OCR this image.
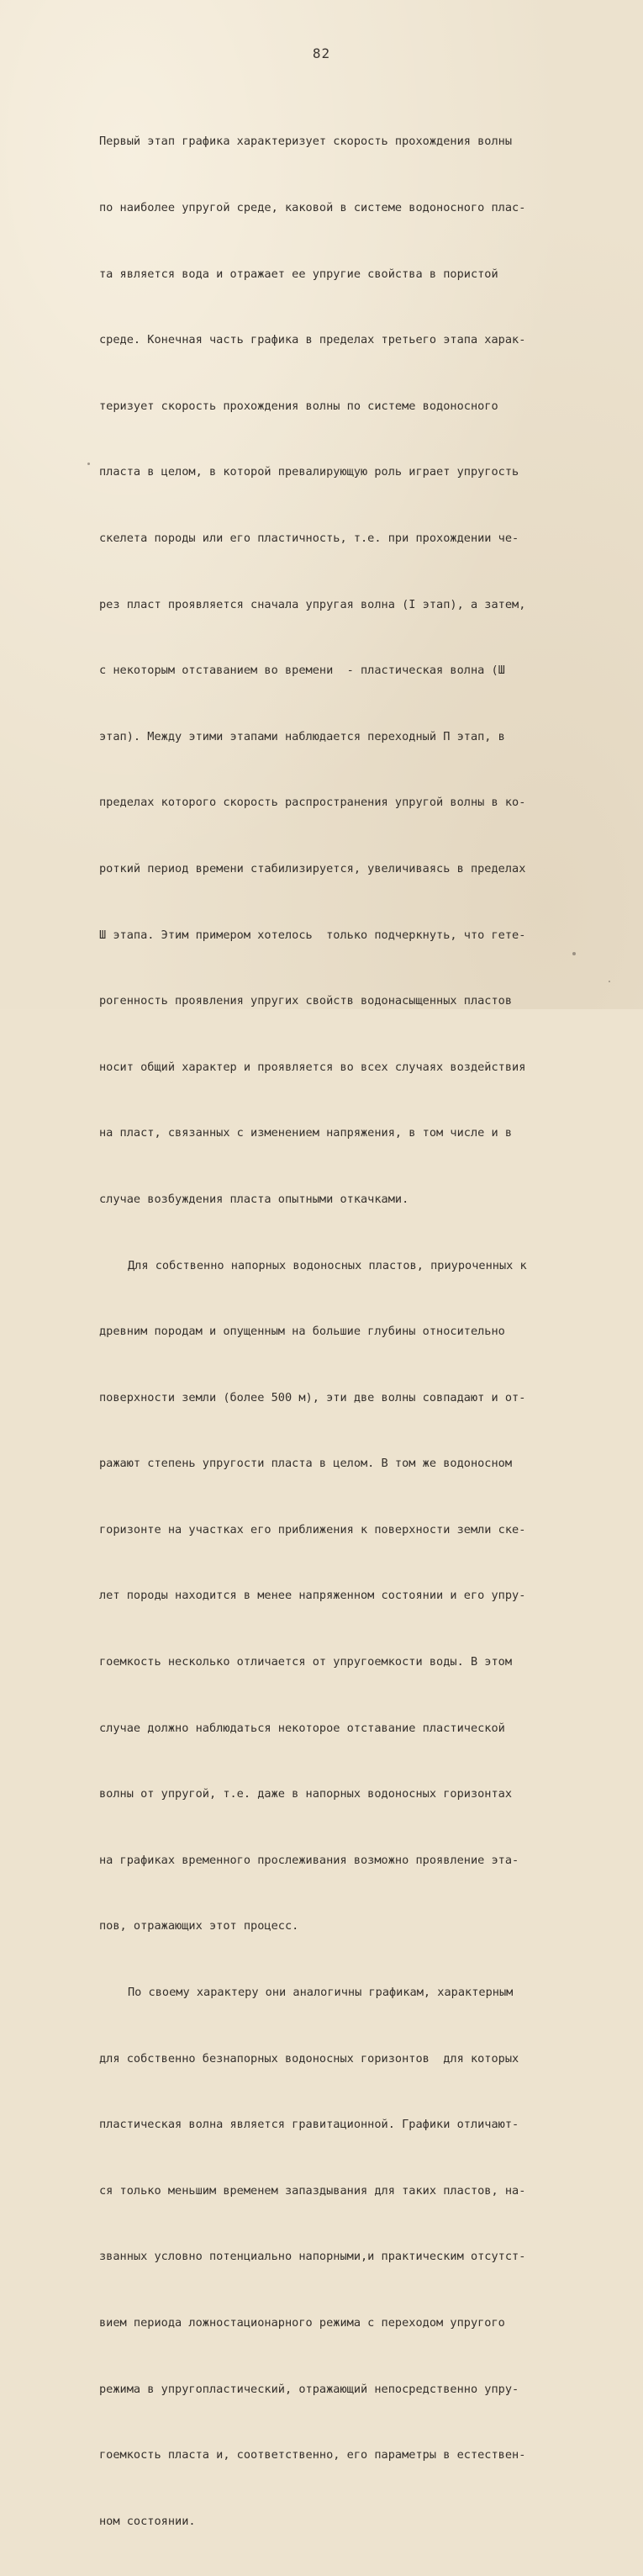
82

Первый этап графика характеризует скорость прохождения волны

по наиболее упругой среде, каковой в системе водоносного плас-

та является вода и отражает ее упругие свойства в пористой

среде. Конечная часть графика в пределах третьего этапа харак-

теризует скорость прохождения волны по системе водоносного

пласта в целом, в которой превалирующую роль играет упругость

скелета породы или его пластичность, т.е. при прохождении че-

рез пласт проявляется сначала упругая волна (I этап), а затем,

с некоторым отставанием во времени  - пластическая волна (Ш

этап). Между этими этапами наблюдается переходный П этап, в

пределах которого скорость распространения упругой волны в ко-

роткий период времени стабилизируется, увеличиваясь в пределах

Ш этапа. Этим примером хотелось  только подчеркнуть, что гете-

рогенность проявления упругих свойств водонасыщенных пластов

носит общий характер и проявляется во всех случаях воздействия

на пласт, связанных с изменением напряжения, в том числе и в

случае возбуждения пласта опытными откачками.

Для собственно напорных водоносных пластов, приуроченных к

древним породам и опущенным на большие глубины относительно

поверхности земли (более 500 м), эти две волны совпадают и от-

ражают степень упругости пласта в целом. В том же водоносном

горизонте на участках его приближения к поверхности земли ске-

лет породы находится в менее напряженном состоянии и его упру-

гоемкость несколько отличается от упругоемкости воды. В этом

случае должно наблюдаться некоторое отставание пластической

волны от упругой, т.е. даже в напорных водоносных горизонтах

на графиках временного прослеживания возможно проявление эта-

пов, отражающих этот процесс.

По своему характеру они аналогичны графикам, характерным

для собственно безнапорных водоносных горизонтов  для которых

пластическая волна является гравитационной. Графики отличают-

ся только меньшим временем запаздывания для таких пластов, на-

званных условно потенциально напорными,и практическим отсутст-

вием периода ложностационарного режима с переходом упругого

режима в упругопластический, отражающий непосредственно упру-

гоемкость пласта и, соответственно, его параметры в естествен-

ном состоянии.
